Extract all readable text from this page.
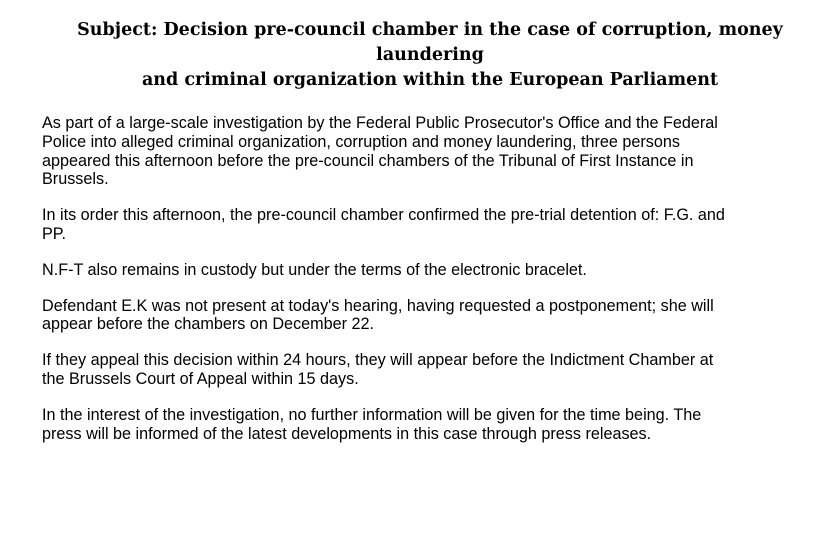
Subject: Decision pre-council chamber in the case of corruption, money laundering
and criminal organization within the European Parliament

As part of a large-scale investigation by the Federal Public Prosecutor's Office and the Federal
Police into alleged criminal organization, corruption and money laundering, three persons
appeared this afternoon before the pre-council chambers of the Tribunal of First Instance in
Brussels.

In its order this afternoon, the pre-council chamber confirmed the pre-trial detention of: F.G. and
PP.

N.F-T also remains in custody but under the terms of the electronic bracelet.

Defendant E.K was not present at today's hearing, having requested a postponement; she will
appear before the chambers on December 22.

If they appeal this decision within 24 hours, they will appear before the Indictment Chamber at
the Brussels Court of Appeal within 15 days.

In the interest of the investigation, no further information will be given for the time being. The
press will be informed of the latest developments in this case through press releases.
